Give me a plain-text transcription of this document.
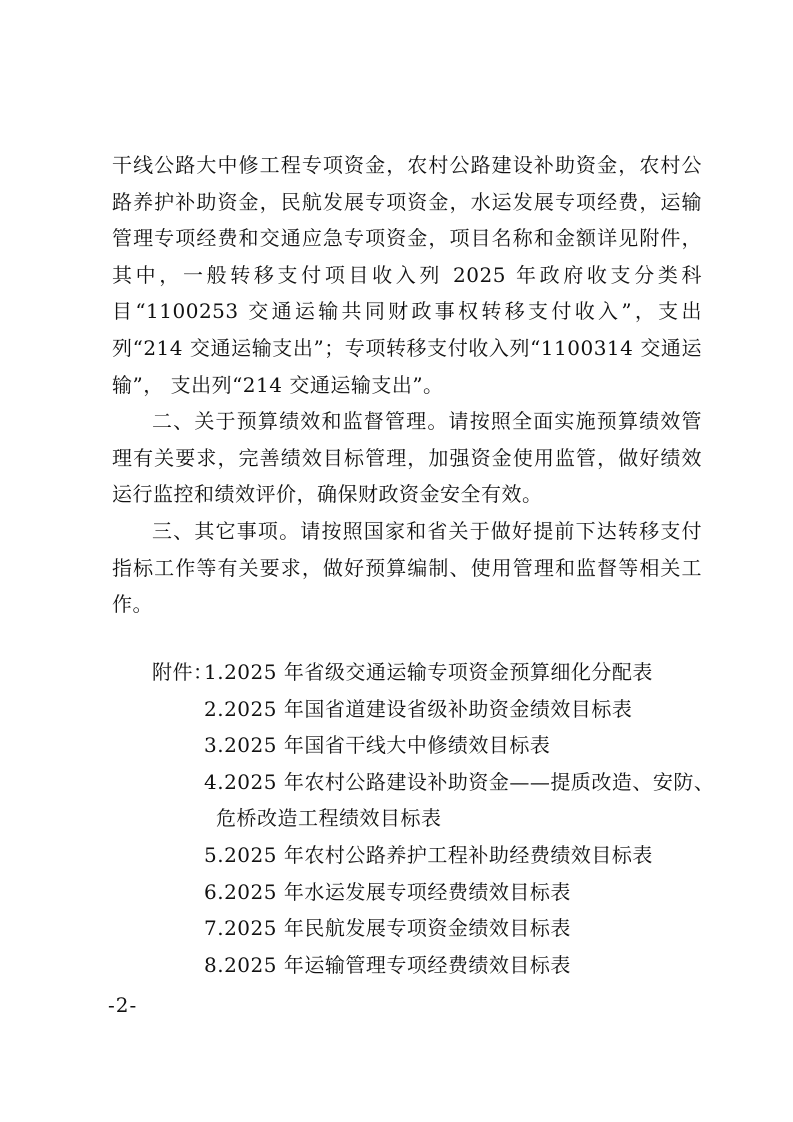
干线公路大中修工程专项资金，农村公路建设补助资金，农村公路养护补助资金，民航发展专项资金，水运发展专项经费，运输管理专项经费和交通应急专项资金，项目名称和金额详见附件，其中，一般转移支付项目收入列 2025 年政府收支分类科目“1100253 交通运输共同财政事权转移支付收入”，支出列“214 交通运输支出”；专项转移支付收入列“1100314 交通运输”， 支出列“214 交通运输支出”。

二、关于预算绩效和监督管理。请按照全面实施预算绩效管理有关要求，完善绩效目标管理，加强资金使用监管，做好绩效运行监控和绩效评价，确保财政资金安全有效。

三、其它事项。请按照国家和省关于做好提前下达转移支付指标工作等有关要求，做好预算编制、使用管理和监督等相关工作。

附件：
1.2025 年省级交通运输专项资金预算细化分配表
2.2025 年国省道建设省级补助资金绩效目标表
3.2025 年国省干线大中修绩效目标表
4.2025 年农村公路建设补助资金——提质改造、安防、
危桥改造工程绩效目标表
5.2025 年农村公路养护工程补助经费绩效目标表
6.2025 年水运发展专项经费绩效目标表
7.2025 年民航发展专项资金绩效目标表
8.2025 年运输管理专项经费绩效目标表
-2-
